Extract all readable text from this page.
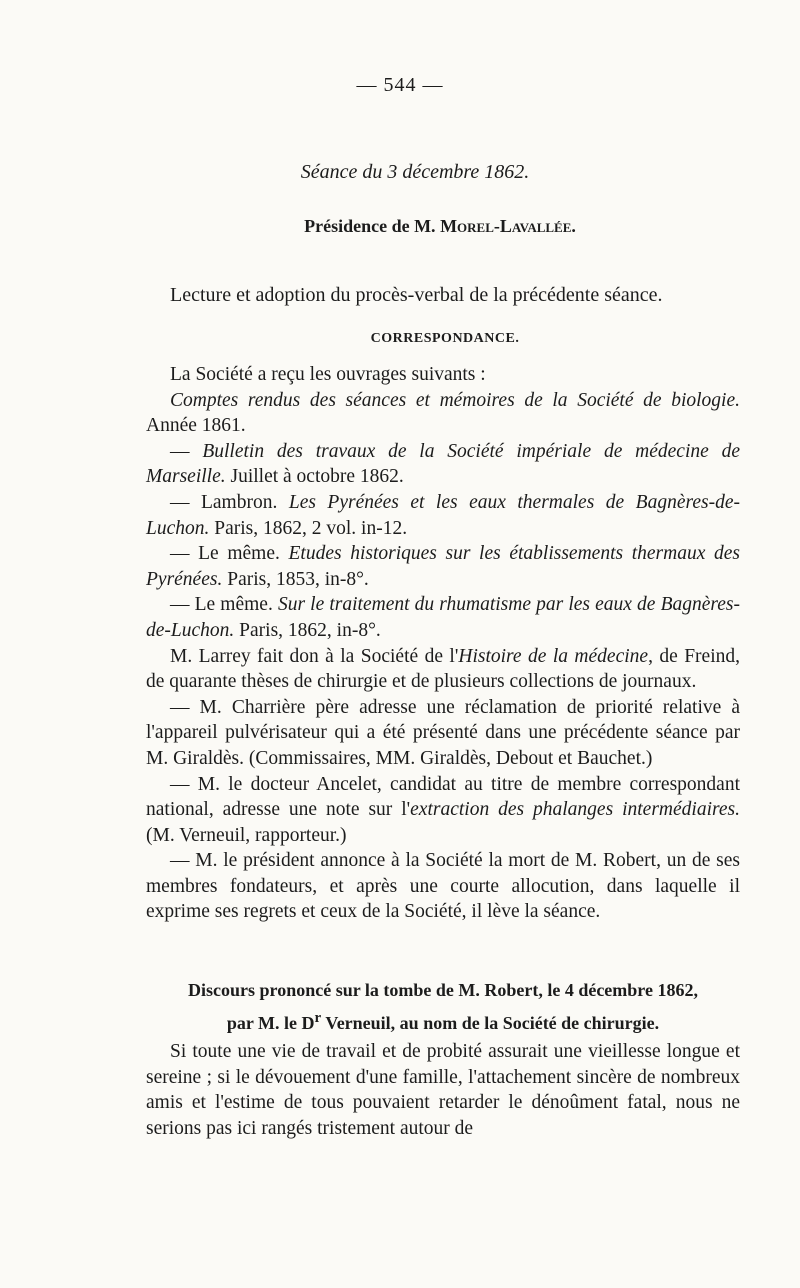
— 544 —
Séance du 3 décembre 1862.
Présidence de M. Morel-Lavallée.
Lecture et adoption du procès-verbal de la précédente séance.
CORRESPONDANCE.

La Société a reçu les ouvrages suivants :

Comptes rendus des séances et mémoires de la Société de biologie. Année 1861.

— Bulletin des travaux de la Société impériale de médecine de Marseille. Juillet à octobre 1862.

— Lambron. Les Pyrénées et les eaux thermales de Bagnères-de-Luchon. Paris, 1862, 2 vol. in-12.

— Le même. Etudes historiques sur les établissements thermaux des Pyrénées. Paris, 1853, in-8°.

— Le même. Sur le traitement du rhumatisme par les eaux de Bagnères-de-Luchon. Paris, 1862, in-8°.

M. Larrey fait don à la Société de l'Histoire de la médecine, de Freind, de quarante thèses de chirurgie et de plusieurs collections de journaux.

— M. Charrière père adresse une réclamation de priorité relative à l'appareil pulvérisateur qui a été présenté dans une précédente séance par M. Giraldès. (Commissaires, MM. Giraldès, Debout et Bauchet.)

— M. le docteur Ancelet, candidat au titre de membre correspondant national, adresse une note sur l'extraction des phalanges intermédiaires. (M. Verneuil, rapporteur.)

— M. le président annonce à la Société la mort de M. Robert, un de ses membres fondateurs, et après une courte allocution, dans laquelle il exprime ses regrets et ceux de la Société, il lève la séance.

Discours prononcé sur la tombe de M. Robert, le 4 décembre 1862,
par M. le $D^r$ Verneuil, au nom de la Société de chirurgie.

Si toute une vie de travail et de probité assurait une vieillesse longue et sereine ; si le dévouement d'une famille, l'attachement sincère de nombreux amis et l'estime de tous pouvaient retarder le dénoûment fatal, nous ne serions pas ici rangés tristement autour de
